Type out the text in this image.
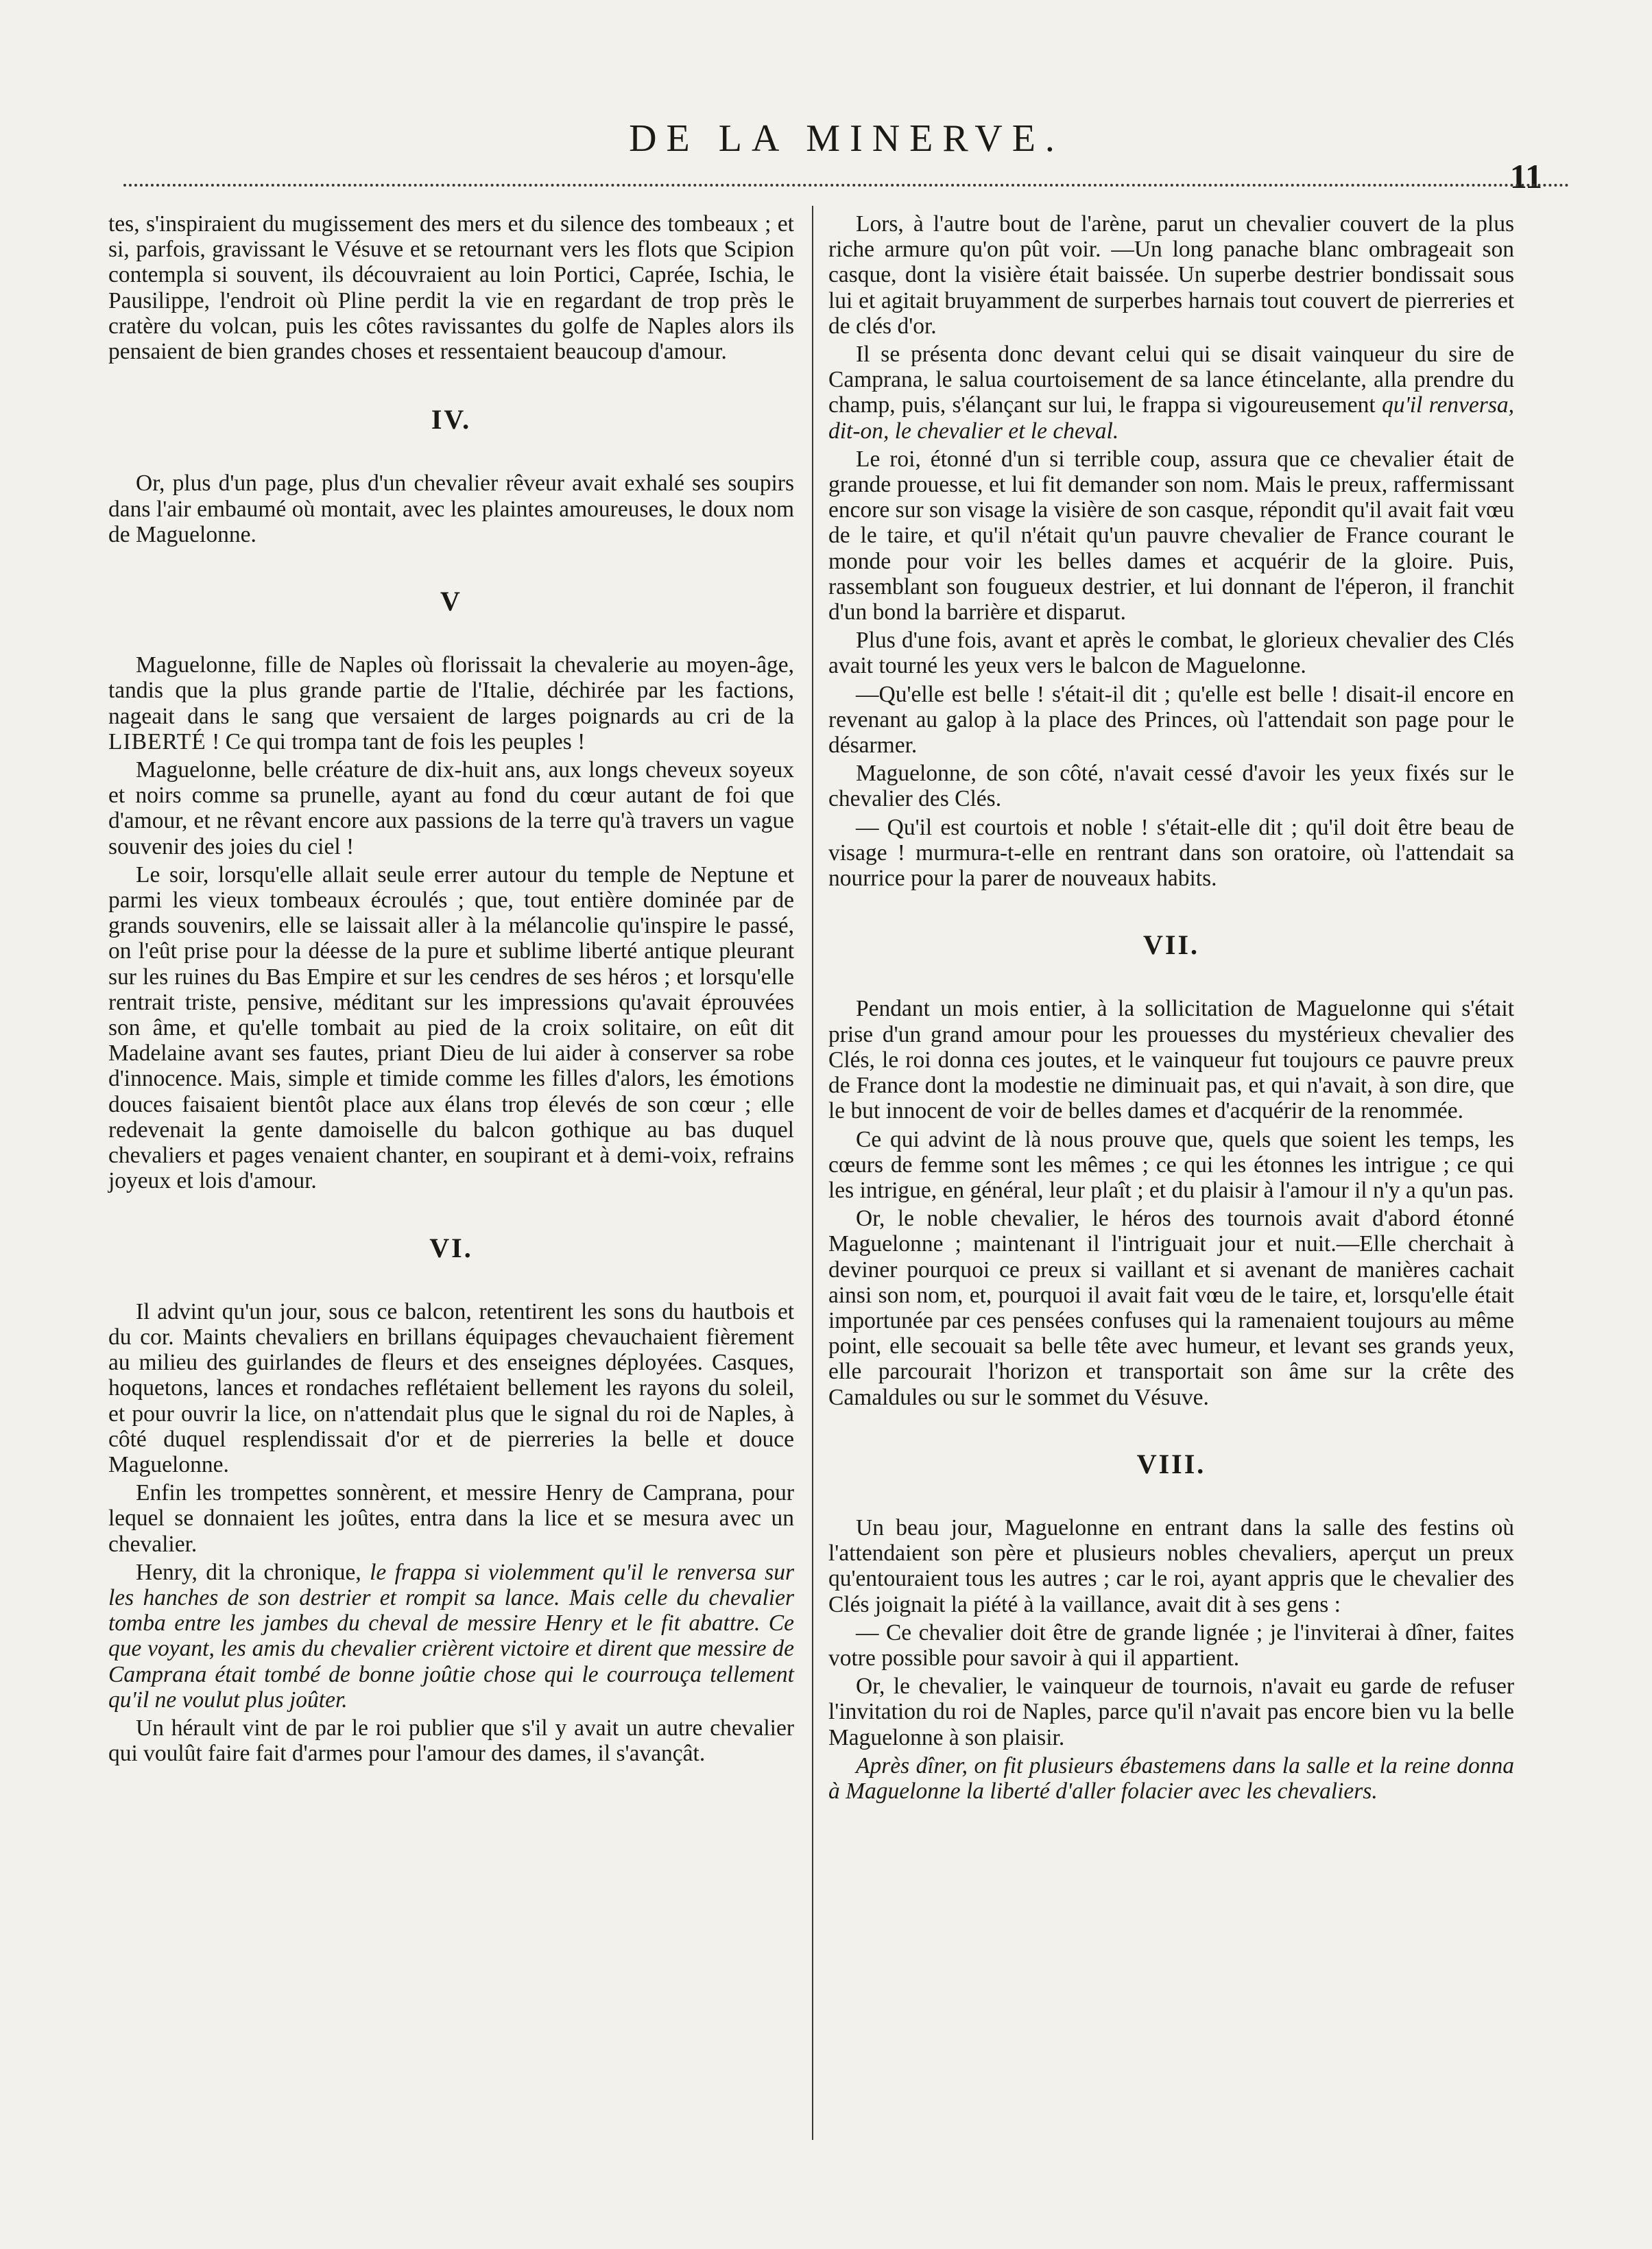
DE LA MINERVE.
11

tes, s'inspiraient du mugissement des mers et du silence des tombeaux ; et si, parfois, gravissant le Vésuve et se retournant vers les flots que Scipion contempla si souvent, ils découvraient au loin Portici, Caprée, Ischia, le Pausilippe, l'endroit où Pline perdit la vie en regardant de trop près le cratère du volcan, puis les côtes ravissantes du golfe de Naples alors ils pensaient de bien grandes choses et ressentaient beaucoup d'amour.

IV.

Or, plus d'un page, plus d'un chevalier rêveur avait exhalé ses soupirs dans l'air embaumé où montait, avec les plaintes amoureuses, le doux nom de Maguelonne.

V

Maguelonne, fille de Naples où florissait la chevalerie au moyen-âge, tandis que la plus grande partie de l'Italie, déchirée par les factions, nageait dans le sang que versaient de larges poignards au cri de la LIBERTÉ ! Ce qui trompa tant de fois les peuples !

Maguelonne, belle créature de dix-huit ans, aux longs cheveux soyeux et noirs comme sa prunelle, ayant au fond du cœur autant de foi que d'amour, et ne rêvant encore aux passions de la terre qu'à travers un vague souvenir des joies du ciel !

Le soir, lorsqu'elle allait seule errer autour du temple de Neptune et parmi les vieux tombeaux écroulés ; que, tout entière dominée par de grands souvenirs, elle se laissait aller à la mélancolie qu'inspire le passé, on l'eût prise pour la déesse de la pure et sublime liberté antique pleurant sur les ruines du Bas Empire et sur les cendres de ses héros ; et lorsqu'elle rentrait triste, pensive, méditant sur les impressions qu'avait éprouvées son âme, et qu'elle tombait au pied de la croix solitaire, on eût dit Madelaine avant ses fautes, priant Dieu de lui aider à conserver sa robe d'innocence. Mais, simple et timide comme les filles d'alors, les émotions douces faisaient bientôt place aux élans trop élevés de son cœur ; elle redevenait la gente damoiselle du balcon gothique au bas duquel chevaliers et pages venaient chanter, en soupirant et à demi-voix, refrains joyeux et lois d'amour.

VI.

Il advint qu'un jour, sous ce balcon, retentirent les sons du hautbois et du cor. Maints chevaliers en brillans équipages chevauchaient fièrement au milieu des guirlandes de fleurs et des enseignes déployées. Casques, hoquetons, lances et rondaches reflétaient bellement les rayons du soleil, et pour ouvrir la lice, on n'attendait plus que le signal du roi de Naples, à côté duquel resplendissait d'or et de pierreries la belle et douce Maguelonne.

Enfin les trompettes sonnèrent, et messire Henry de Camprana, pour lequel se donnaient les joûtes, entra dans la lice et se mesura avec un chevalier.

Henry, dit la chronique, le frappa si violemment qu'il le renversa sur les hanches de son destrier et rompit sa lance. Mais celle du chevalier tomba entre les jambes du cheval de messire Henry et le fit abattre. Ce que voyant, les amis du chevalier crièrent victoire et dirent que messire de Camprana était tombé de bonne joûtie chose qui le courrouça tellement qu'il ne voulut plus joûter.

Un hérault vint de par le roi publier que s'il y avait un autre chevalier qui voulût faire fait d'armes pour l'amour des dames, il s'avançât.

Lors, à l'autre bout de l'arène, parut un chevalier couvert de la plus riche armure qu'on pût voir. —Un long panache blanc ombrageait son casque, dont la visière était baissée. Un superbe destrier bondissait sous lui et agitait bruyamment de surperbes harnais tout couvert de pierreries et de clés d'or.

Il se présenta donc devant celui qui se disait vainqueur du sire de Camprana, le salua courtoisement de sa lance étincelante, alla prendre du champ, puis, s'élançant sur lui, le frappa si vigoureusement qu'il renversa, dit-on, le chevalier et le cheval.

Le roi, étonné d'un si terrible coup, assura que ce chevalier était de grande prouesse, et lui fit demander son nom. Mais le preux, raffermissant encore sur son visage la visière de son casque, répondit qu'il avait fait vœu de le taire, et qu'il n'était qu'un pauvre chevalier de France courant le monde pour voir les belles dames et acquérir de la gloire. Puis, rassemblant son fougueux destrier, et lui donnant de l'éperon, il franchit d'un bond la barrière et disparut.

Plus d'une fois, avant et après le combat, le glorieux chevalier des Clés avait tourné les yeux vers le balcon de Maguelonne.

—Qu'elle est belle ! s'était-il dit ; qu'elle est belle ! disait-il encore en revenant au galop à la place des Princes, où l'attendait son page pour le désarmer.

Maguelonne, de son côté, n'avait cessé d'avoir les yeux fixés sur le chevalier des Clés.

— Qu'il est courtois et noble ! s'était-elle dit ; qu'il doit être beau de visage ! murmura-t-elle en rentrant dans son oratoire, où l'attendait sa nourrice pour la parer de nouveaux habits.

VII.

Pendant un mois entier, à la sollicitation de Maguelonne qui s'était prise d'un grand amour pour les prouesses du mystérieux chevalier des Clés, le roi donna ces joutes, et le vainqueur fut toujours ce pauvre preux de France dont la modestie ne diminuait pas, et qui n'avait, à son dire, que le but innocent de voir de belles dames et d'acquérir de la renommée.

Ce qui advint de là nous prouve que, quels que soient les temps, les cœurs de femme sont les mêmes ; ce qui les étonnes les intrigue ; ce qui les intrigue, en général, leur plaît ; et du plaisir à l'amour il n'y a qu'un pas.

Or, le noble chevalier, le héros des tournois avait d'abord étonné Maguelonne ; maintenant il l'intriguait jour et nuit.—Elle cherchait à deviner pourquoi ce preux si vaillant et si avenant de manières cachait ainsi son nom, et, pourquoi il avait fait vœu de le taire, et, lorsqu'elle était importunée par ces pensées confuses qui la ramenaient toujours au même point, elle secouait sa belle tête avec humeur, et levant ses grands yeux, elle parcourait l'horizon et transportait son âme sur la crête des Camaldules ou sur le sommet du Vésuve.

VIII.

Un beau jour, Maguelonne en entrant dans la salle des festins où l'attendaient son père et plusieurs nobles chevaliers, aperçut un preux qu'entouraient tous les autres ; car le roi, ayant appris que le chevalier des Clés joignait la piété à la vaillance, avait dit à ses gens :

— Ce chevalier doit être de grande lignée ; je l'inviterai à dîner, faites votre possible pour savoir à qui il appartient.

Or, le chevalier, le vainqueur de tournois, n'avait eu garde de refuser l'invitation du roi de Naples, parce qu'il n'avait pas encore bien vu la belle Maguelonne à son plaisir.

Après dîner, on fit plusieurs ébastemens dans la salle et la reine donna à Maguelonne la liberté d'aller folacier avec les chevaliers.
